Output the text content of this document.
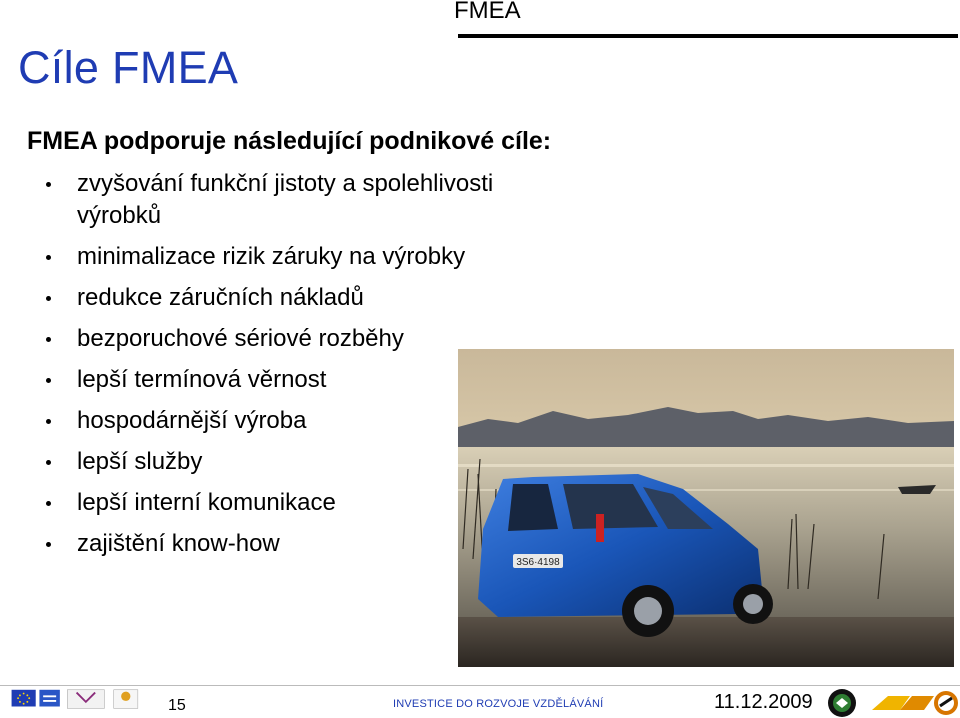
FMEA
Cíle FMEA
FMEA podporuje následující podnikové cíle:
zvyšování funkční jistoty a spolehlivosti výrobků
minimalizace rizik záruky na výrobky
redukce záručních nákladů
bezporuchové sériové rozběhy
lepší termínová věrnost
hospodárnější výroba
lepší služby
lepší interní komunikace
zajištění know-how
3S6·4198
15	INVESTICE DO ROZVOJE VZDĚLÁVÁNÍ	11.12.2009
